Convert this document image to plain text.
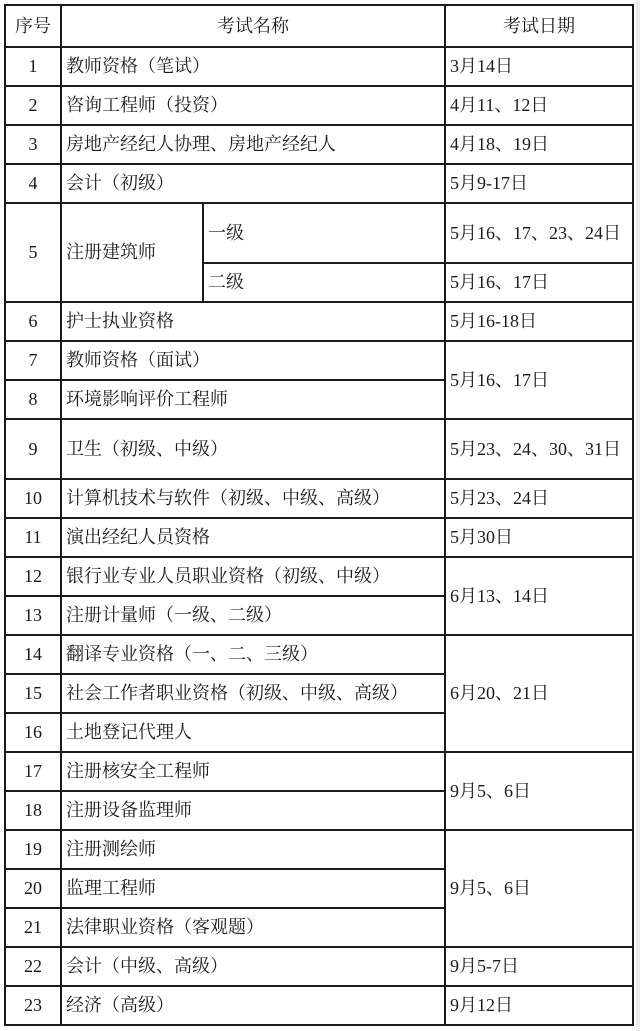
序号	考试名称		考试日期
1	教师资格（笔试）		3月14日
2	咨询工程师（投资）		4月11、12日
3	房地产经纪人协理、房地产经纪人		4月18、19日
4	会计（初级）		5月9-17日
5	注册建筑师	一级	5月16、17、23、24日
		二级	5月16、17日
6	护士执业资格		5月16-18日
7	教师资格（面试）		5月16、17日
8	环境影响评价工程师		
9	卫生（初级、中级）		5月23、24、30、31日
10	计算机技术与软件（初级、中级、高级）		5月23、24日
11	演出经纪人员资格		5月30日
12	银行业专业人员职业资格（初级、中级）		6月13、14日
13	注册计量师（一级、二级）		
14	翻译专业资格（一、二、三级）		6月20、21日
15	社会工作者职业资格（初级、中级、高级）		
16	土地登记代理人		
17	注册核安全工程师		9月5、6日
18	注册设备监理师		
19	注册测绘师		9月5、6日
20	监理工程师		
21	法律职业资格（客观题）		
22	会计（中级、高级）		9月5-7日
23	经济（高级）		9月12日
